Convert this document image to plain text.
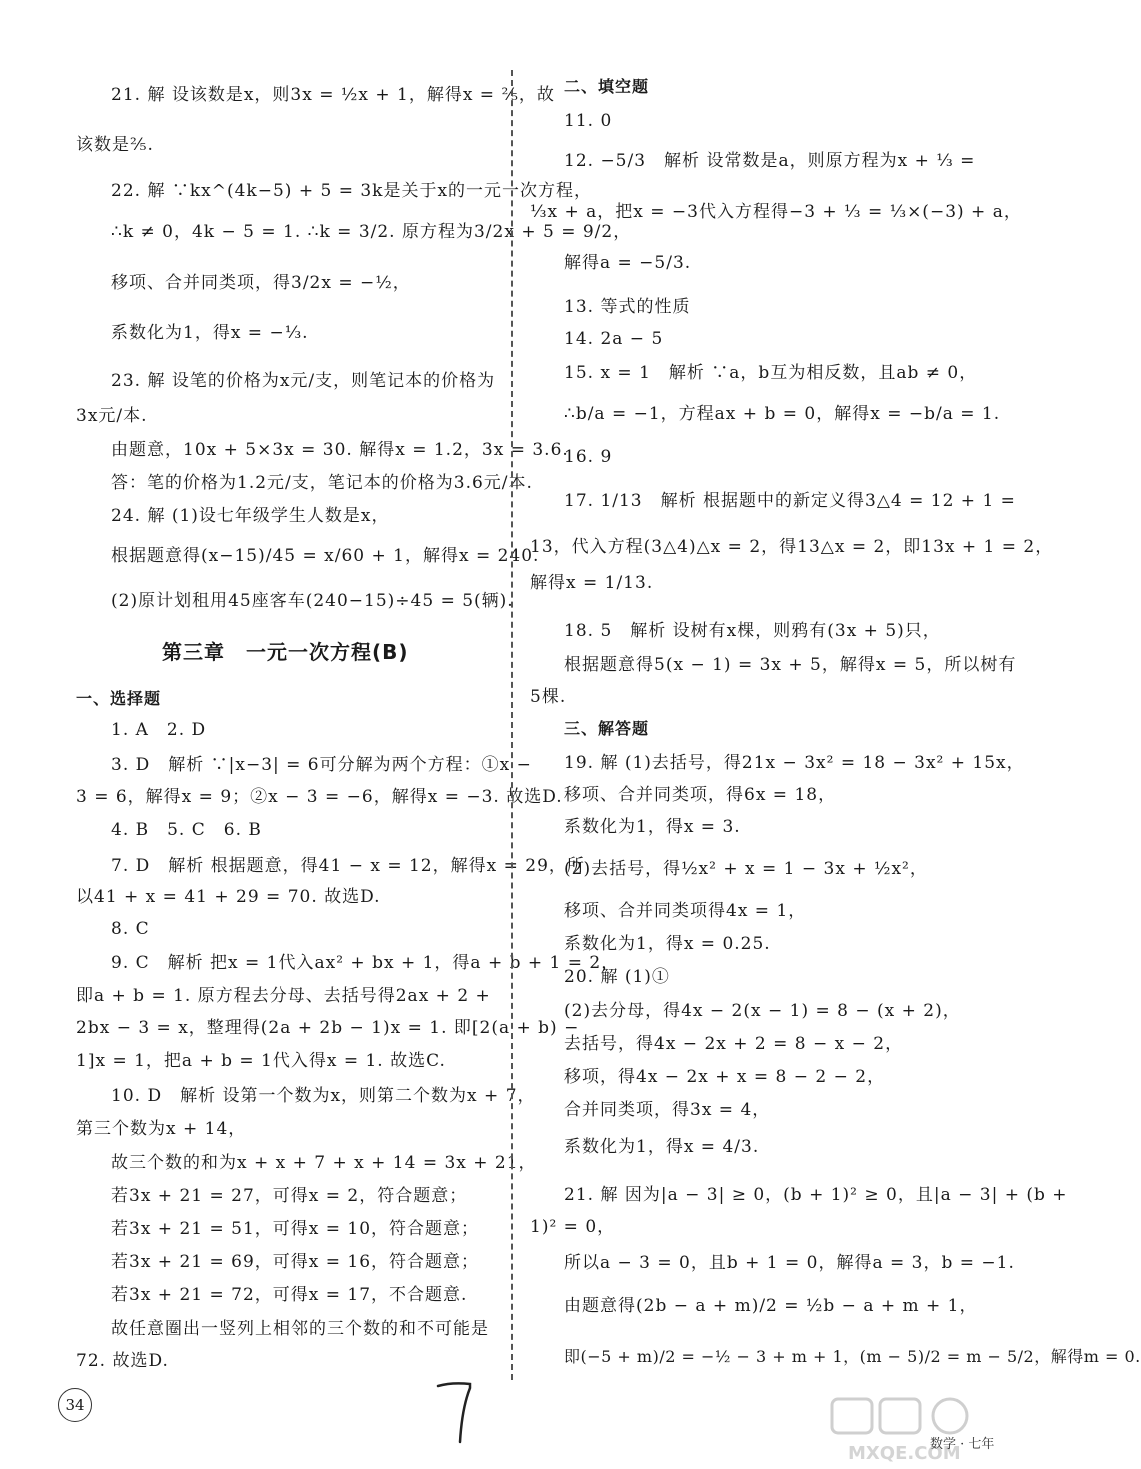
21. 解 设该数是x，则3x = ½x + 1，解得x = ⅖，故
该数是⅖.
22. 解 ∵kx^(4k−5) + 5 = 3k是关于x的一元一次方程，
∴k ≠ 0，4k − 5 = 1. ∴k = 3/2. 原方程为3/2x + 5 = 9/2，
移项、合并同类项，得3/2x = −½，
系数化为1，得x = −⅓.
23. 解 设笔的价格为x元/支，则笔记本的价格为
3x元/本.
由题意，10x + 5×3x = 30. 解得x = 1.2，3x = 3.6.
答：笔的价格为1.2元/支，笔记本的价格为3.6元/本.
24. 解 (1)设七年级学生人数是x，
根据题意得(x−15)/45 = x/60 + 1，解得x = 240.
(2)原计划租用45座客车(240−15)÷45 = 5(辆).
第三章　一元一次方程(B)
一、选择题
1. A　2. D
3. D　解析 ∵|x−3| = 6可分解为两个方程：①x −
3 = 6，解得x = 9；②x − 3 = −6，解得x = −3. 故选D.
4. B　5. C　6. B
7. D　解析 根据题意，得41 − x = 12，解得x = 29，所
以41 + x = 41 + 29 = 70. 故选D.
8. C
9. C　解析 把x = 1代入ax² + bx + 1，得a + b + 1 = 2，
即a + b = 1. 原方程去分母、去括号得2ax + 2 +
2bx − 3 = x，整理得(2a + 2b − 1)x = 1. 即[2(a + b) −
1]x = 1，把a + b = 1代入得x = 1. 故选C.
10. D　解析 设第一个数为x，则第二个数为x + 7，
第三个数为x + 14，
故三个数的和为x + x + 7 + x + 14 = 3x + 21，
若3x + 21 = 27，可得x = 2，符合题意；
若3x + 21 = 51，可得x = 10，符合题意；
若3x + 21 = 69，可得x = 16，符合题意；
若3x + 21 = 72，可得x = 17，不合题意.
故任意圈出一竖列上相邻的三个数的和不可能是
72. 故选D.
二、填空题
11. 0
12. −5/3　解析 设常数是a，则原方程为x + ⅓ =
⅓x + a，把x = −3代入方程得−3 + ⅓ = ⅓×(−3) + a，
解得a = −5/3.
13. 等式的性质
14. 2a − 5
15. x = 1　解析 ∵a，b互为相反数，且ab ≠ 0，
∴b/a = −1，方程ax + b = 0，解得x = −b/a = 1.
16. 9
17. 1/13　解析 根据题中的新定义得3△4 = 12 + 1 =
13，代入方程(3△4)△x = 2，得13△x = 2，即13x + 1 = 2，
解得x = 1/13.
18. 5　解析 设树有x棵，则鸦有(3x + 5)只，
根据题意得5(x − 1) = 3x + 5，解得x = 5，所以树有
5棵.
三、解答题
19. 解 (1)去括号，得21x − 3x² = 18 − 3x² + 15x，
移项、合并同类项，得6x = 18，
系数化为1，得x = 3.
(2)去括号，得½x² + x = 1 − 3x + ½x²，
移项、合并同类项得4x = 1，
系数化为1，得x = 0.25.
20. 解 (1)①
(2)去分母，得4x − 2(x − 1) = 8 − (x + 2)，
去括号，得4x − 2x + 2 = 8 − x − 2，
移项，得4x − 2x + x = 8 − 2 − 2，
合并同类项，得3x = 4，
系数化为1，得x = 4/3.
21. 解 因为|a − 3| ≥ 0，(b + 1)² ≥ 0，且|a − 3| + (b +
1)² = 0，
所以a − 3 = 0，且b + 1 = 0，解得a = 3，b = −1.
由题意得(2b − a + m)/2 = ½b − a + m + 1，
即(−5 + m)/2 = −½ − 3 + m + 1，(m − 5)/2 = m − 5/2，解得m = 0.
34
MXQE.COM
数学 · 七年
